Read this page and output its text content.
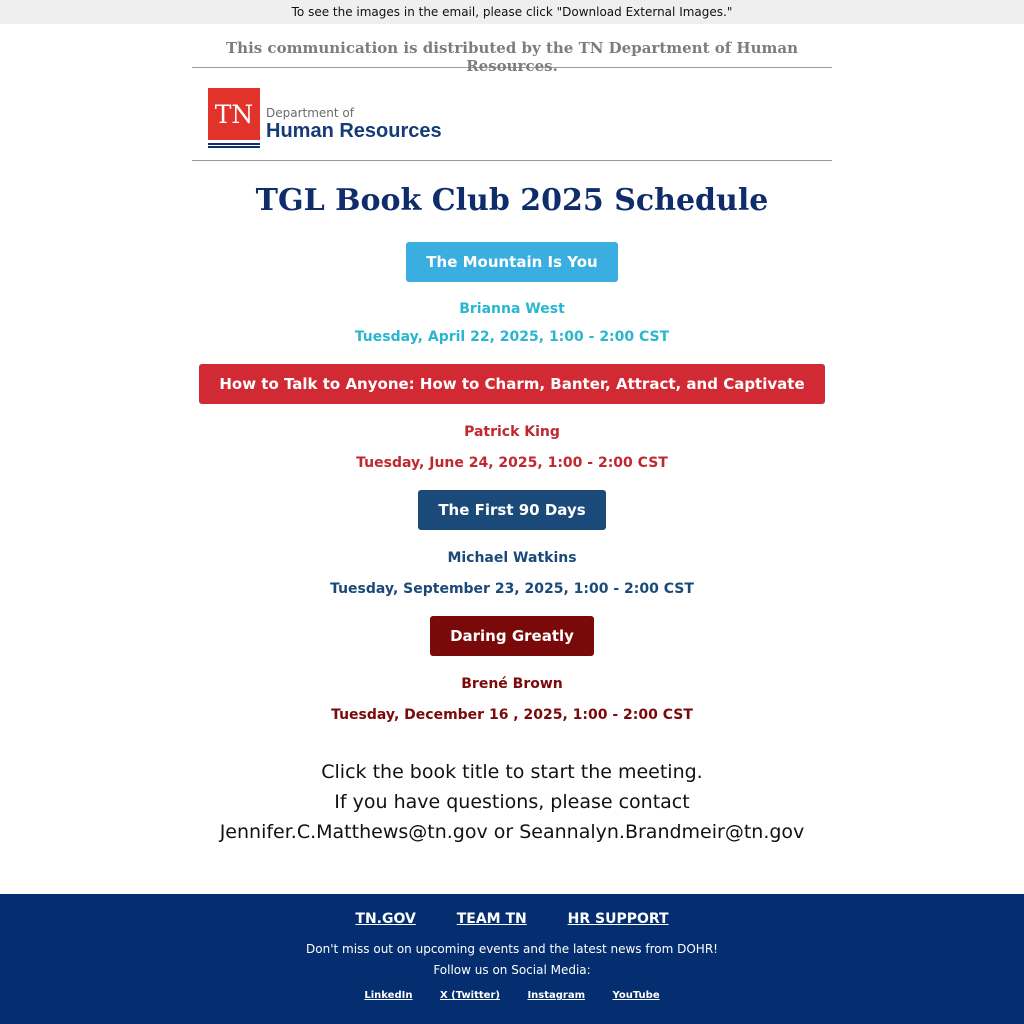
To see the images in the email, please click "Download External Images."
This communication is distributed by the TN Department of Human Resources.
TN Department of
Human Resources
TGL Book Club 2025 Schedule
The Mountain Is You
Brianna West
Tuesday, April 22, 2025, 1:00 - 2:00 CST
How to Talk to Anyone: How to Charm, Banter, Attract, and Captivate
Patrick King
Tuesday, June 24, 2025, 1:00 - 2:00 CST
The First 90 Days
Michael Watkins
Tuesday, September 23, 2025, 1:00 - 2:00 CST
Daring Greatly
Brené Brown
Tuesday, December 16 , 2025, 1:00 - 2:00 CST
Click the book title to start the meeting.
If you have questions, please contact
Jennifer.C.Matthews@tn.gov or Seannalyn.Brandmeir@tn.gov
TN.GOV	TEAM TN	HR SUPPORT
Don't miss out on upcoming events and the latest news from DOHR!
Follow us on Social Media:
LinkedIn	X (Twitter)	Instagram	YouTube
